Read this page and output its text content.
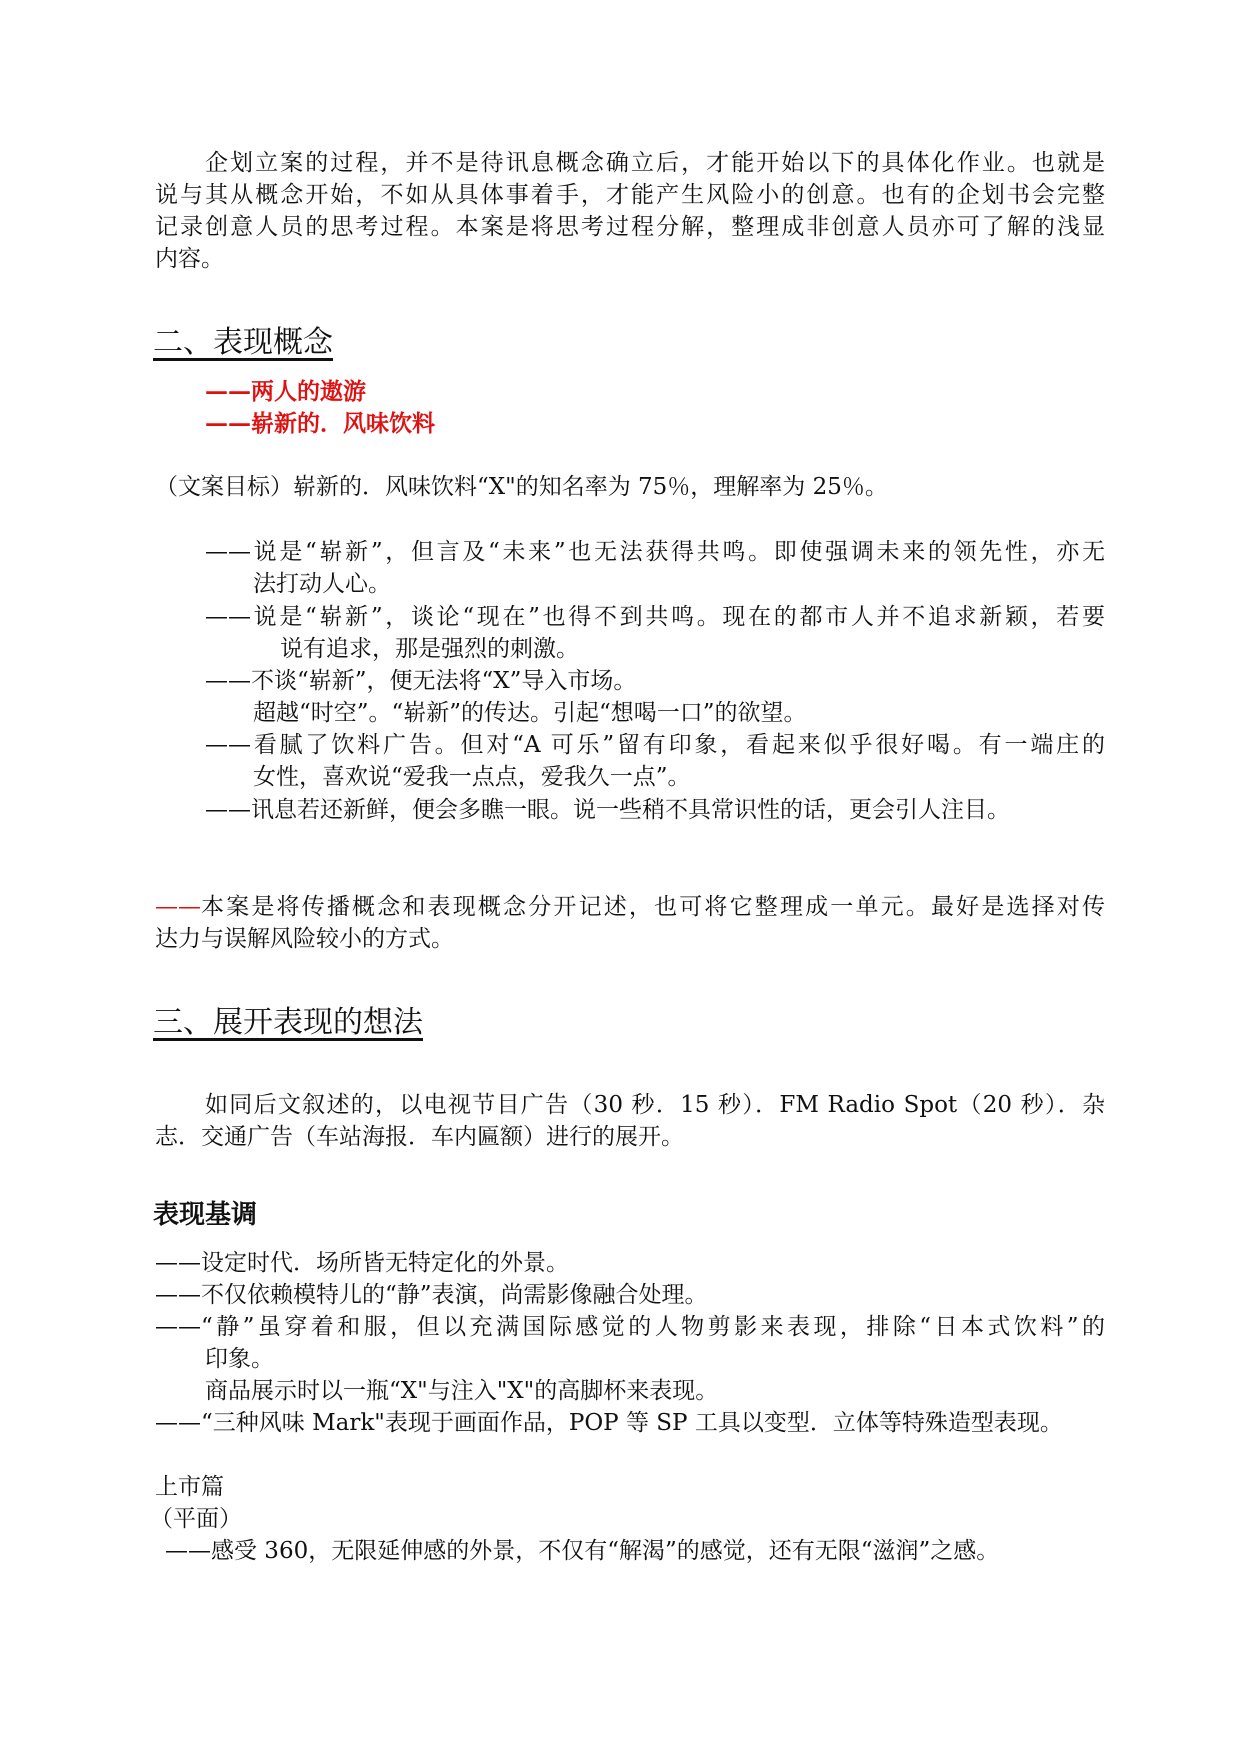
企划立案的过程，并不是待讯息概念确立后，才能开始以下的具体化作业。也就是
说与其从概念开始，不如从具体事着手，才能产生风险小的创意。也有的企划书会完整
记录创意人员的思考过程。本案是将思考过程分解，整理成非创意人员亦可了解的浅显
内容。
二、表现概念
——两人的遨游
——崭新的．风味饮料
（文案目标）崭新的．风味饮料“X"的知名率为 75％，理解率为 25％。
——说是“崭新”，但言及“未来”也无法获得共鸣。即使强调未来的领先性，亦无
法打动人心。
——说是“崭新”，谈论“现在”也得不到共鸣。现在的都市人并不追求新颖，若要
说有追求，那是强烈的刺激。
——不谈“崭新”，便无法将“X”导入市场。
超越“时空”。“崭新”的传达。引起“想喝一口”的欲望。
——看腻了饮料广告。但对“A 可乐”留有印象，看起来似乎很好喝。有一端庄的
女性，喜欢说“爱我一点点，爱我久一点”。
——讯息若还新鲜，便会多瞧一眼。说一些稍不具常识性的话，更会引人注目。
—— 本案是将传播概念和表现概念分开记述，也可将它整理成一单元。最好是选择对传
达力与误解风险较小的方式。
三、展开表现的想法
如同后文叙述的，以电视节目广告（30 秒．15 秒）．FM Radio Spot（20 秒）．杂
志．交通广告（车站海报．车内匾额）进行的展开。
表现基调
——设定时代．场所皆无特定化的外景。
——不仅依赖模特儿的“静”表演，尚需影像融合处理。
——“静”虽穿着和服，但以充满国际感觉的人物剪影来表现，排除“日本式饮料”的
印象。
商品展示时以一瓶“X"与注入"X"的高脚杯来表现。
——“三种风味 Mark"表现于画面作品，POP 等 SP 工具以变型．立体等特殊造型表现。
上市篇
（平面）
——感受 360，无限延伸感的外景，不仅有“解渴”的感觉，还有无限“滋润”之感。
